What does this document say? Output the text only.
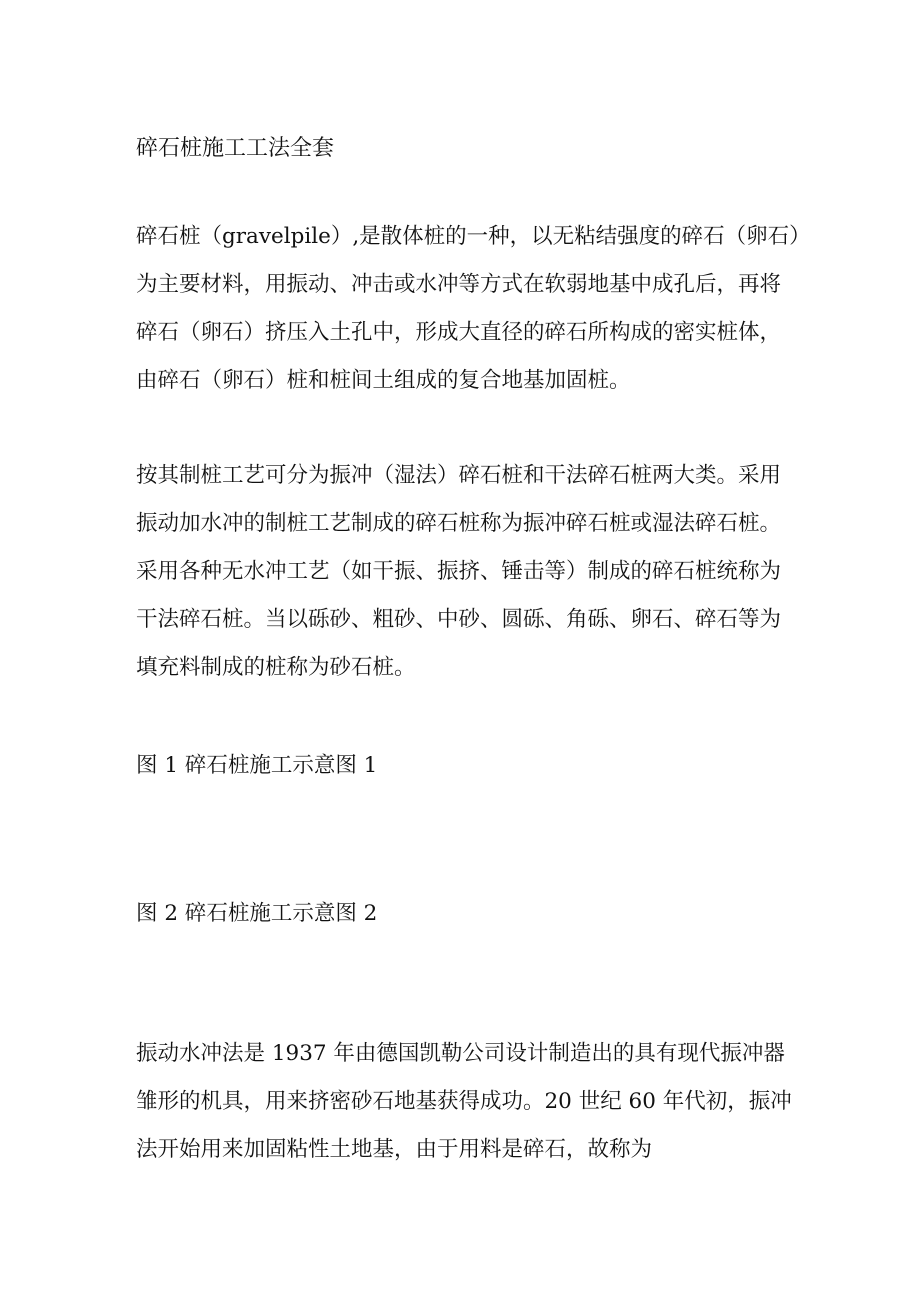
碎石桩施工工法全套
碎石桩（gravelpile）,是散体桩的一种，以无粘结强度的碎石（卵石）
为主要材料，用振动、冲击或水冲等方式在软弱地基中成孔后，再将
碎石（卵石）挤压入土孔中，形成大直径的碎石所构成的密实桩体，
由碎石（卵石）桩和桩间土组成的复合地基加固桩。
按其制桩工艺可分为振冲（湿法）碎石桩和干法碎石桩两大类。采用
振动加水冲的制桩工艺制成的碎石桩称为振冲碎石桩或湿法碎石桩。
采用各种无水冲工艺（如干振、振挤、锤击等）制成的碎石桩统称为
干法碎石桩。当以砾砂、粗砂、中砂、圆砾、角砾、卵石、碎石等为
填充料制成的桩称为砂石桩。
图 1 碎石桩施工示意图 1
图 2 碎石桩施工示意图 2
振动水冲法是 1937 年由德国凯勒公司设计制造出的具有现代振冲器
雏形的机具，用来挤密砂石地基获得成功。20 世纪 60 年代初，振冲
法开始用来加固粘性土地基，由于用料是碎石，故称为
